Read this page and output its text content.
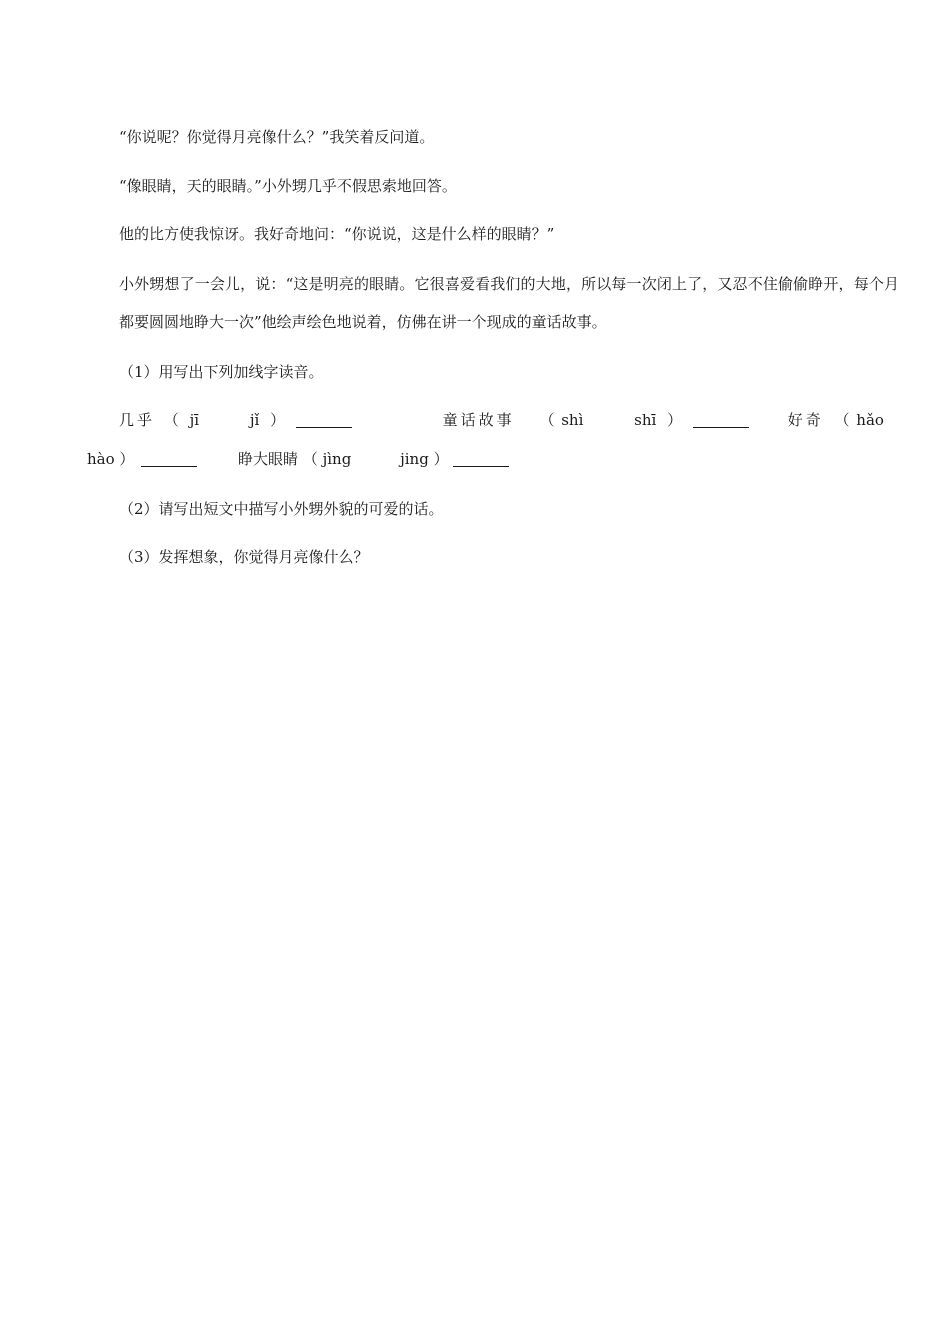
“你说呢？你觉得月亮像什么？”我笑着反问道。
“像眼睛，天的眼睛。”小外甥几乎不假思索地回答。
他的比方使我惊讶。我好奇地问：“你说说，这是什么样的眼睛？”
小外甥想了一会儿，说：“这是明亮的眼睛。它很喜爱看我们的大地，所以每一次闭上了，又忍不住偷偷睁开，每个月都要圆圆地睁大一次”他绘声绘色地说着，仿佛在讲一个现成的童话故事。
（1）用写出下列加线字读音。
几乎 （ jī	jǐ ）	童话故事 （ shì	shī ）	好奇 （ hǎo
hào ）	睁大眼睛 （ jìng	jing ）
（2）请写出短文中描写小外甥外貌的可爱的话。
（3）发挥想象，你觉得月亮像什么？
